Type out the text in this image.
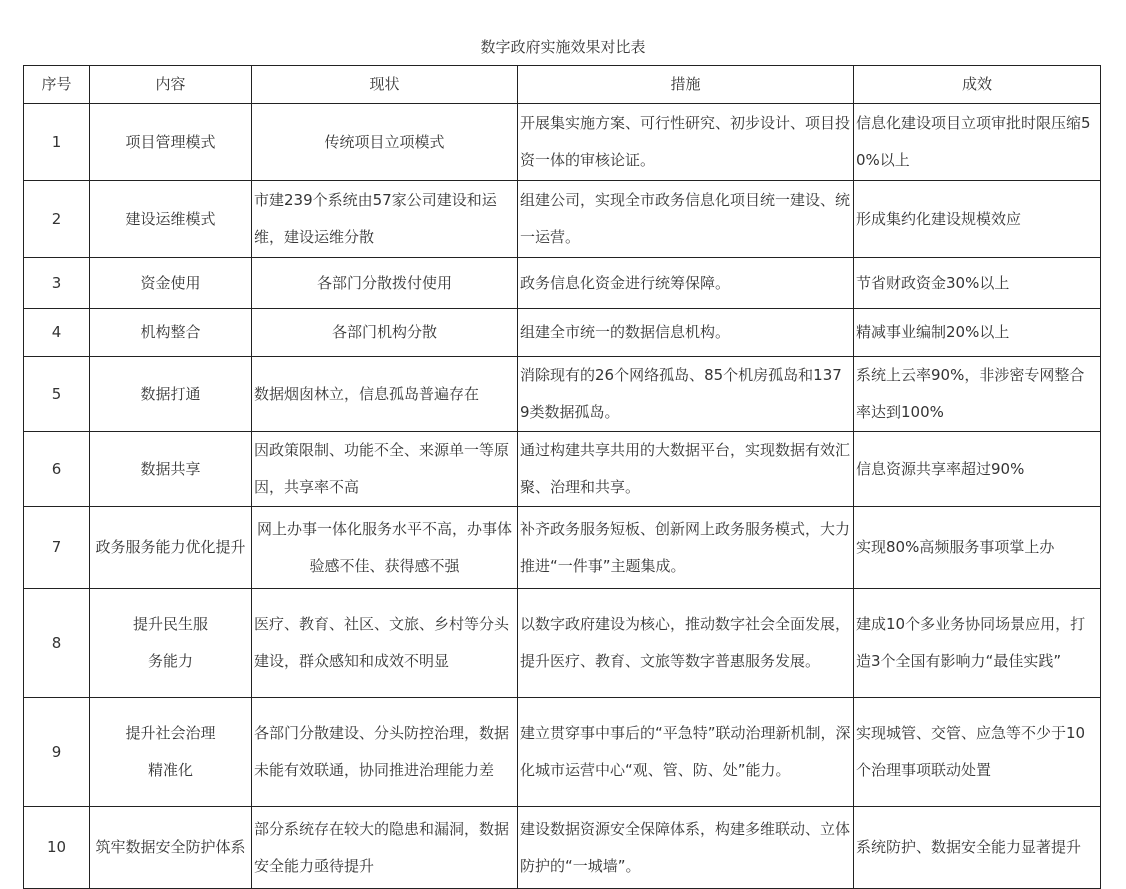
数字政府实施效果对比表
序号	内容	现状	措施	成效
1	项目管理模式	传统项目立项模式	开展集实施方案、可行性研究、初步设计、项目投资一体的审核论证。	信息化建设项目立项审批时限压缩50%以上
2	建设运维模式	市建239个系统由57家公司建设和运维，建设运维分散	组建公司，实现全市政务信息化项目统一建设、统一运营。	形成集约化建设规模效应
3	资金使用	各部门分散拨付使用	政务信息化资金进行统筹保障。	节省财政资金30%以上
4	机构整合	各部门机构分散	组建全市统一的数据信息机构。	精减事业编制20%以上
5	数据打通	数据烟囱林立，信息孤岛普遍存在	消除现有的26个网络孤岛、85个机房孤岛和1379类数据孤岛。	系统上云率90%，非涉密专网整合率达到100%
6	数据共享	因政策限制、功能不全、来源单一等原因，共享率不高	通过构建共享共用的大数据平台，实现数据有效汇聚、治理和共享。	信息资源共享率超过90%
7	政务服务能力优化提升	网上办事一体化服务水平不高，办事体验感不佳、获得感不强	补齐政务服务短板、创新网上政务服务模式，大力推进“一件事”主题集成。	实现80%高频服务事项掌上办
8	提升民生服务能力	医疗、教育、社区、文旅、乡村等分头建设，群众感知和成效不明显	以数字政府建设为核心，推动数字社会全面发展，提升医疗、教育、文旅等数字普惠服务发展。	建成10个多业务协同场景应用，打造3个全国有影响力“最佳实践”
9	提升社会治理精准化	各部门分散建设、分头防控治理，数据未能有效联通，协同推进治理能力差	建立贯穿事中事后的“平急特”联动治理新机制，深化城市运营中心“观、管、防、处”能力。	实现城管、交管、应急等不少于10个治理事项联动处置
10	筑牢数据安全防护体系	部分系统存在较大的隐患和漏洞，数据安全能力亟待提升	建设数据资源安全保障体系，构建多维联动、立体防护的“一城墙”。	系统防护、数据安全能力显著提升
